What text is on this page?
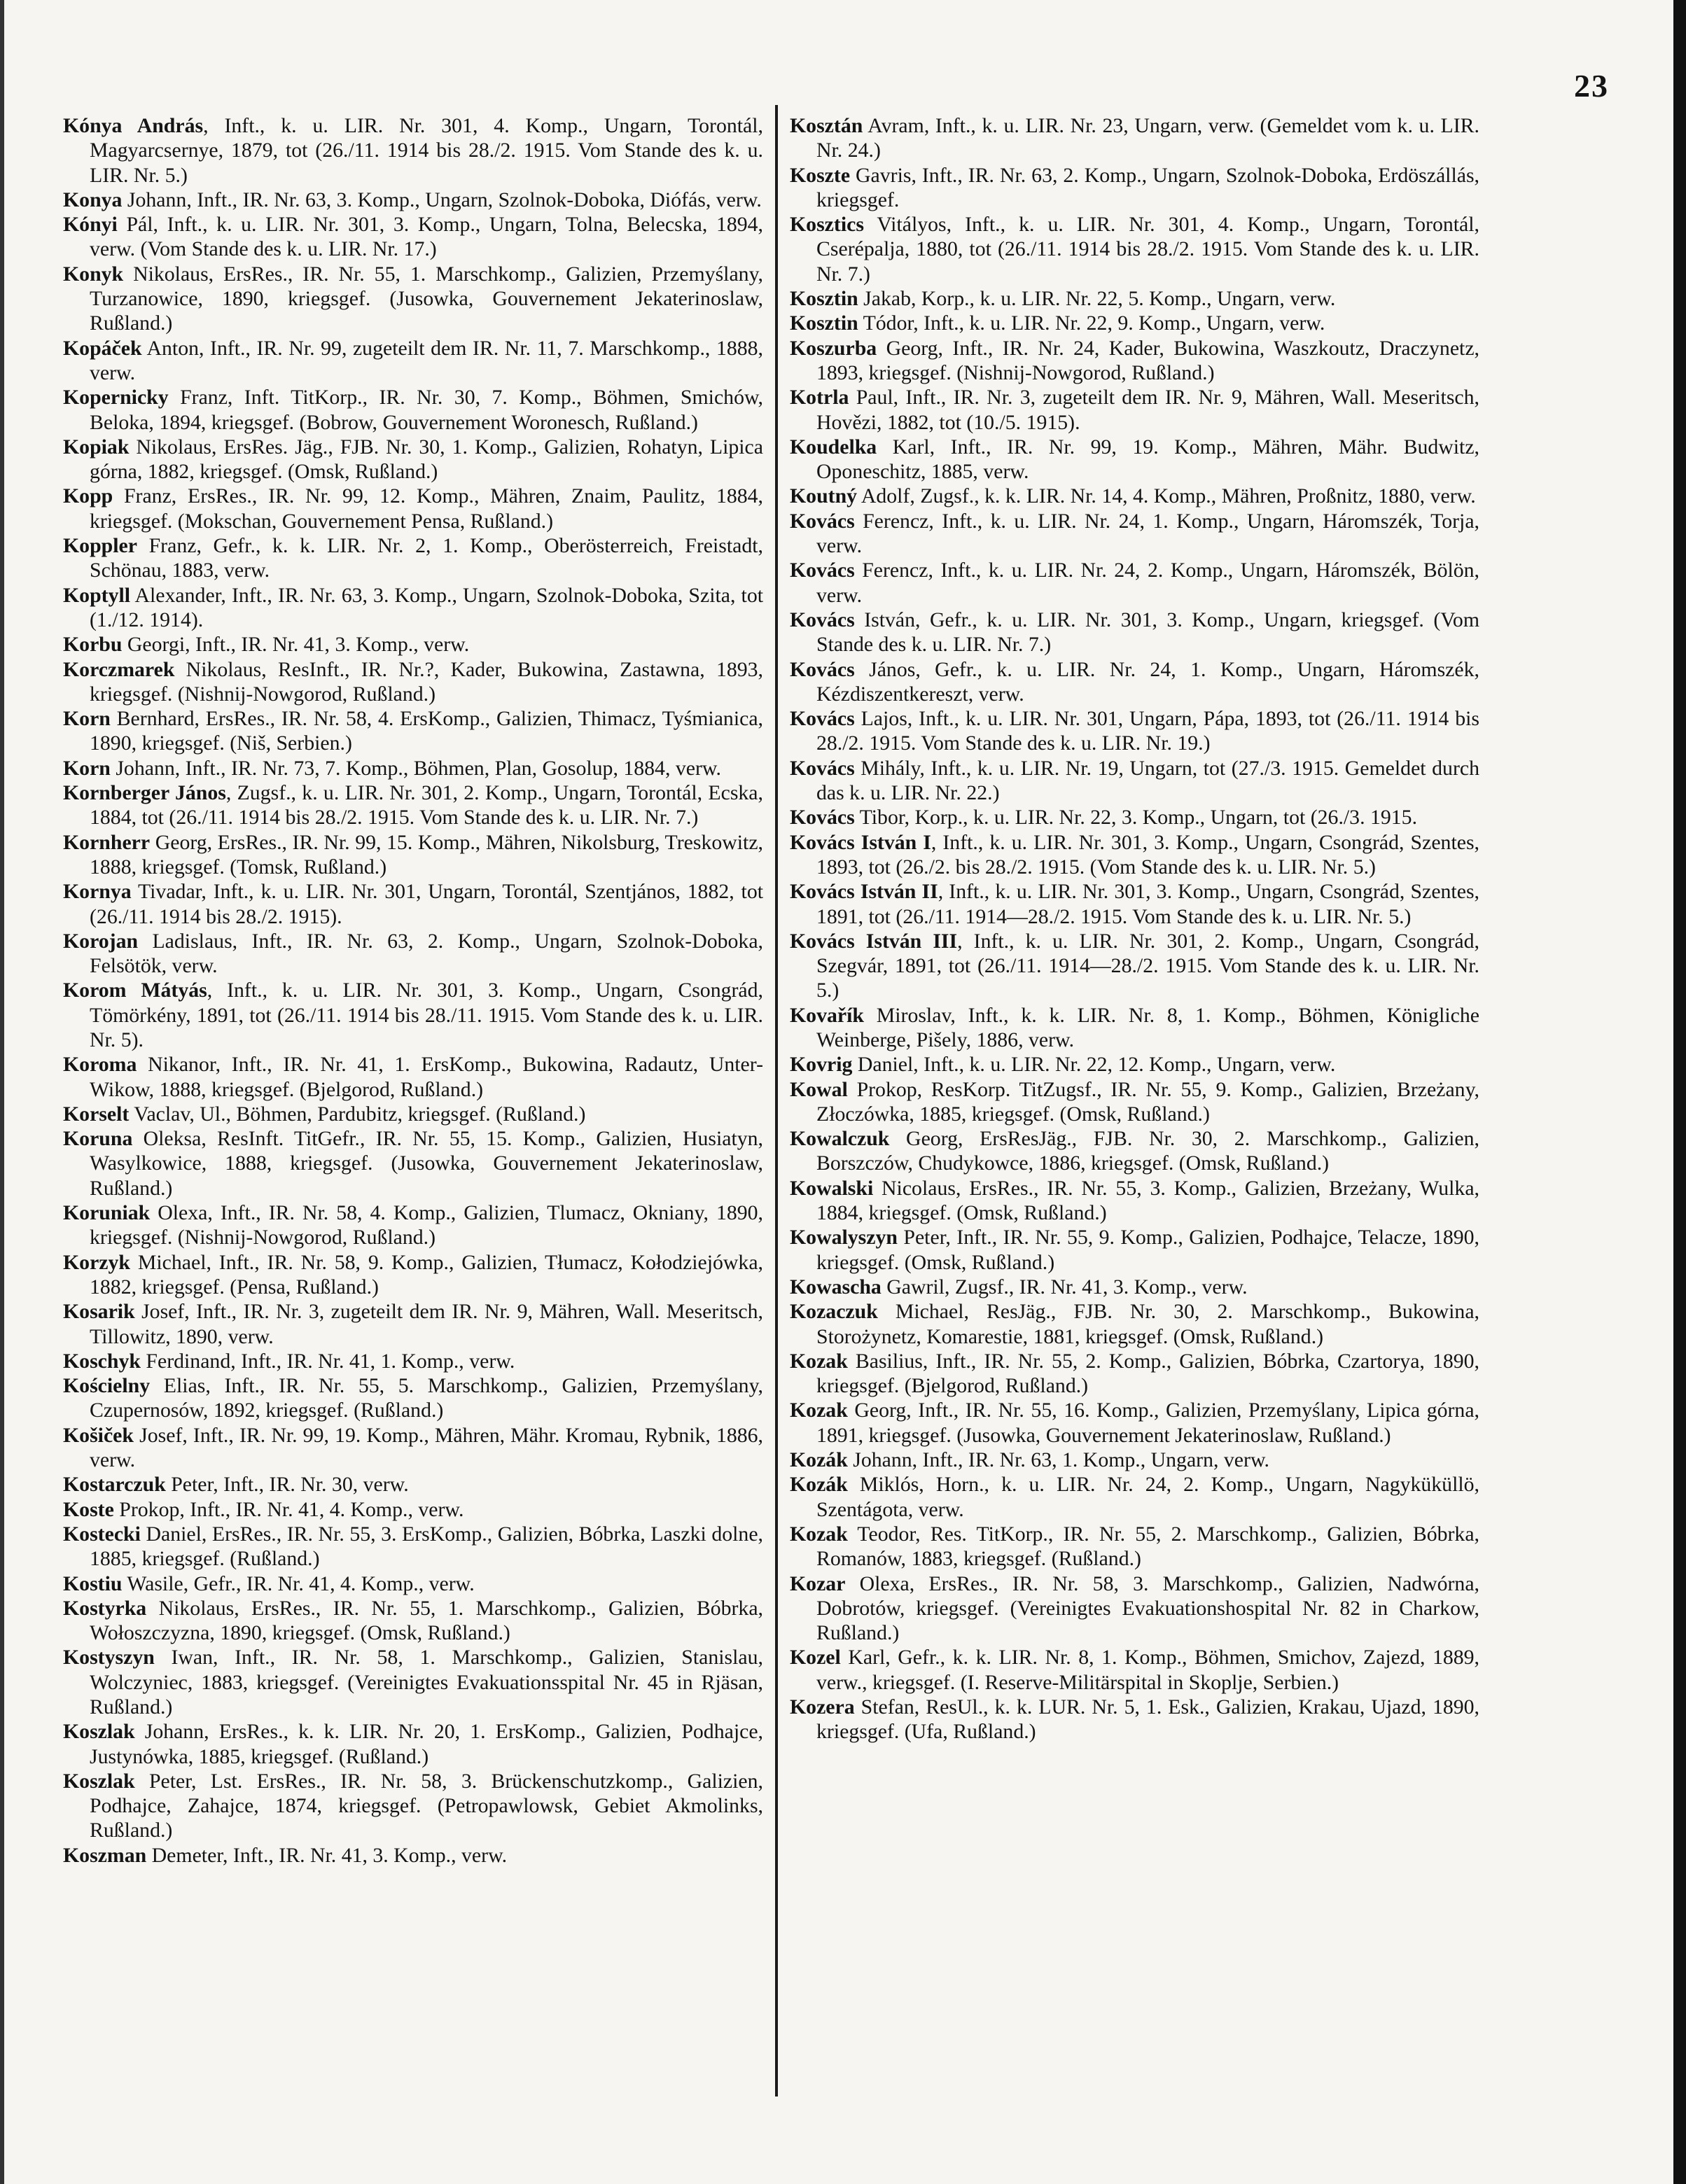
23

Kónya András, Inft., k. u. LIR. Nr. 301, 4. Komp., Ungarn, Torontál, Magyarcsernye, 1879, tot (26./11. 1914 bis 28./2. 1915. Vom Stande des k. u. LIR. Nr. 5.)

Konya Johann, Inft., IR. Nr. 63, 3. Komp., Ungarn, Szolnok-Doboka, Diófás, verw.

Kónyi Pál, Inft., k. u. LIR. Nr. 301, 3. Komp., Ungarn, Tolna, Belecska, 1894, verw. (Vom Stande des k. u. LIR. Nr. 17.)

Konyk Nikolaus, ErsRes., IR. Nr. 55, 1. Marschkomp., Galizien, Przemyślany, Turzanowice, 1890, kriegsgef. (Jusowka, Gouvernement Jekaterinoslaw, Rußland.)

Kopáček Anton, Inft., IR. Nr. 99, zugeteilt dem IR. Nr. 11, 7. Marschkomp., 1888, verw.

Kopernicky Franz, Inft. TitKorp., IR. Nr. 30, 7. Komp., Böhmen, Smichów, Beloka, 1894, kriegsgef. (Bobrow, Gouvernement Woronesch, Rußland.)

Kopiak Nikolaus, ErsRes. Jäg., FJB. Nr. 30, 1. Komp., Galizien, Rohatyn, Lipica górna, 1882, kriegsgef. (Omsk, Rußland.)

Kopp Franz, ErsRes., IR. Nr. 99, 12. Komp., Mähren, Znaim, Paulitz, 1884, kriegsgef. (Mokschan, Gouvernement Pensa, Rußland.)

Koppler Franz, Gefr., k. k. LIR. Nr. 2, 1. Komp., Oberösterreich, Freistadt, Schönau, 1883, verw.

Koptyll Alexander, Inft., IR. Nr. 63, 3. Komp., Ungarn, Szolnok-Doboka, Szita, tot (1./12. 1914).

Korbu Georgi, Inft., IR. Nr. 41, 3. Komp., verw.

Korczmarek Nikolaus, ResInft., IR. Nr.?, Kader, Bukowina, Zastawna, 1893, kriegsgef. (Nishnij-Nowgorod, Rußland.)

Korn Bernhard, ErsRes., IR. Nr. 58, 4. ErsKomp., Galizien, Thimacz, Tyśmianica, 1890, kriegsgef. (Niš, Serbien.)

Korn Johann, Inft., IR. Nr. 73, 7. Komp., Böhmen, Plan, Gosolup, 1884, verw.

Kornberger János, Zugsf., k. u. LIR. Nr. 301, 2. Komp., Ungarn, Torontál, Ecska, 1884, tot (26./11. 1914 bis 28./2. 1915. Vom Stande des k. u. LIR. Nr. 7.)

Kornherr Georg, ErsRes., IR. Nr. 99, 15. Komp., Mähren, Nikolsburg, Treskowitz, 1888, kriegsgef. (Tomsk, Rußland.)

Kornya Tivadar, Inft., k. u. LIR. Nr. 301, Ungarn, Torontál, Szentjános, 1882, tot (26./11. 1914 bis 28./2. 1915).

Korojan Ladislaus, Inft., IR. Nr. 63, 2. Komp., Ungarn, Szolnok-Doboka, Felsötök, verw.

Korom Mátyás, Inft., k. u. LIR. Nr. 301, 3. Komp., Ungarn, Csongrád, Tömörkény, 1891, tot (26./11. 1914 bis 28./11. 1915. Vom Stande des k. u. LIR. Nr. 5).

Koroma Nikanor, Inft., IR. Nr. 41, 1. ErsKomp., Bukowina, Radautz, Unter-Wikow, 1888, kriegsgef. (Bjelgorod, Rußland.)

Korselt Vaclav, Ul., Böhmen, Pardubitz, kriegsgef. (Rußland.)

Koruna Oleksa, ResInft. TitGefr., IR. Nr. 55, 15. Komp., Galizien, Husiatyn, Wasylkowice, 1888, kriegsgef. (Jusowka, Gouvernement Jekaterinoslaw, Rußland.)

Koruniak Olexa, Inft., IR. Nr. 58, 4. Komp., Galizien, Tlumacz, Okniany, 1890, kriegsgef. (Nishnij-Nowgorod, Rußland.)

Korzyk Michael, Inft., IR. Nr. 58, 9. Komp., Galizien, Tłumacz, Kołodziejówka, 1882, kriegsgef. (Pensa, Rußland.)

Kosarik Josef, Inft., IR. Nr. 3, zugeteilt dem IR. Nr. 9, Mähren, Wall. Meseritsch, Tillowitz, 1890, verw.

Koschyk Ferdinand, Inft., IR. Nr. 41, 1. Komp., verw.

Kościelny Elias, Inft., IR. Nr. 55, 5. Marschkomp., Galizien, Przemyślany, Czupernosów, 1892, kriegsgef. (Rußland.)

Košiček Josef, Inft., IR. Nr. 99, 19. Komp., Mähren, Mähr. Kromau, Rybnik, 1886, verw.

Kostarczuk Peter, Inft., IR. Nr. 30, verw.

Koste Prokop, Inft., IR. Nr. 41, 4. Komp., verw.

Kostecki Daniel, ErsRes., IR. Nr. 55, 3. ErsKomp., Galizien, Bóbrka, Laszki dolne, 1885, kriegsgef. (Rußland.)

Kostiu Wasile, Gefr., IR. Nr. 41, 4. Komp., verw.

Kostyrka Nikolaus, ErsRes., IR. Nr. 55, 1. Marschkomp., Galizien, Bóbrka, Wołoszczyzna, 1890, kriegsgef. (Omsk, Rußland.)

Kostyszyn Iwan, Inft., IR. Nr. 58, 1. Marschkomp., Galizien, Stanislau, Wolczyniec, 1883, kriegsgef. (Vereinigtes Evakuationsspital Nr. 45 in Rjäsan, Rußland.)

Koszlak Johann, ErsRes., k. k. LIR. Nr. 20, 1. ErsKomp., Galizien, Podhajce, Justynówka, 1885, kriegsgef. (Rußland.)

Koszlak Peter, Lst. ErsRes., IR. Nr. 58, 3. Brückenschutzkomp., Galizien, Podhajce, Zahajce, 1874, kriegsgef. (Petropawlowsk, Gebiet Akmolinks, Rußland.)

Koszman Demeter, Inft., IR. Nr. 41, 3. Komp., verw.

Kosztán Avram, Inft., k. u. LIR. Nr. 23, Ungarn, verw. (Gemeldet vom k. u. LIR. Nr. 24.)

Koszte Gavris, Inft., IR. Nr. 63, 2. Komp., Ungarn, Szolnok-Doboka, Erdöszállás, kriegsgef.

Kosztics Vitályos, Inft., k. u. LIR. Nr. 301, 4. Komp., Ungarn, Torontál, Cserépalja, 1880, tot (26./11. 1914 bis 28./2. 1915. Vom Stande des k. u. LIR. Nr. 7.)

Kosztin Jakab, Korp., k. u. LIR. Nr. 22, 5. Komp., Ungarn, verw.

Kosztin Tódor, Inft., k. u. LIR. Nr. 22, 9. Komp., Ungarn, verw.

Koszurba Georg, Inft., IR. Nr. 24, Kader, Bukowina, Waszkoutz, Draczynetz, 1893, kriegsgef. (Nishnij-Nowgorod, Rußland.)

Kotrla Paul, Inft., IR. Nr. 3, zugeteilt dem IR. Nr. 9, Mähren, Wall. Meseritsch, Hovězi, 1882, tot (10./5. 1915).

Koudelka Karl, Inft., IR. Nr. 99, 19. Komp., Mähren, Mähr. Budwitz, Oponeschitz, 1885, verw.

Koutný Adolf, Zugsf., k. k. LIR. Nr. 14, 4. Komp., Mähren, Proßnitz, 1880, verw.

Kovács Ferencz, Inft., k. u. LIR. Nr. 24, 1. Komp., Ungarn, Háromszék, Torja, verw.

Kovács Ferencz, Inft., k. u. LIR. Nr. 24, 2. Komp., Ungarn, Háromszék, Bölön, verw.

Kovács István, Gefr., k. u. LIR. Nr. 301, 3. Komp., Ungarn, kriegsgef. (Vom Stande des k. u. LIR. Nr. 7.)

Kovács János, Gefr., k. u. LIR. Nr. 24, 1. Komp., Ungarn, Háromszék, Kézdiszentkereszt, verw.

Kovács Lajos, Inft., k. u. LIR. Nr. 301, Ungarn, Pápa, 1893, tot (26./11. 1914 bis 28./2. 1915. Vom Stande des k. u. LIR. Nr. 19.)

Kovács Mihály, Inft., k. u. LIR. Nr. 19, Ungarn, tot (27./3. 1915. Gemeldet durch das k. u. LIR. Nr. 22.)

Kovács Tibor, Korp., k. u. LIR. Nr. 22, 3. Komp., Ungarn, tot (26./3. 1915.

Kovács István I, Inft., k. u. LIR. Nr. 301, 3. Komp., Ungarn, Csongrád, Szentes, 1893, tot (26./2. bis 28./2. 1915. (Vom Stande des k. u. LIR. Nr. 5.)

Kovács István II, Inft., k. u. LIR. Nr. 301, 3. Komp., Ungarn, Csongrád, Szentes, 1891, tot (26./11. 1914—28./2. 1915. Vom Stande des k. u. LIR. Nr. 5.)

Kovács István III, Inft., k. u. LIR. Nr. 301, 2. Komp., Ungarn, Csongrád, Szegvár, 1891, tot (26./11. 1914—28./2. 1915. Vom Stande des k. u. LIR. Nr. 5.)

Kovařík Miroslav, Inft., k. k. LIR. Nr. 8, 1. Komp., Böhmen, Königliche Weinberge, Pišely, 1886, verw.

Kovrig Daniel, Inft., k. u. LIR. Nr. 22, 12. Komp., Ungarn, verw.

Kowal Prokop, ResKorp. TitZugsf., IR. Nr. 55, 9. Komp., Galizien, Brzeżany, Złoczówka, 1885, kriegsgef. (Omsk, Rußland.)

Kowalczuk Georg, ErsResJäg., FJB. Nr. 30, 2. Marschkomp., Galizien, Borszczów, Chudykowce, 1886, kriegsgef. (Omsk, Rußland.)

Kowalski Nicolaus, ErsRes., IR. Nr. 55, 3. Komp., Galizien, Brzeżany, Wulka, 1884, kriegsgef. (Omsk, Rußland.)

Kowalyszyn Peter, Inft., IR. Nr. 55, 9. Komp., Galizien, Podhajce, Telacze, 1890, kriegsgef. (Omsk, Rußland.)

Kowascha Gawril, Zugsf., IR. Nr. 41, 3. Komp., verw.

Kozaczuk Michael, ResJäg., FJB. Nr. 30, 2. Marschkomp., Bukowina, Storożynetz, Komarestie, 1881, kriegsgef. (Omsk, Rußland.)

Kozak Basilius, Inft., IR. Nr. 55, 2. Komp., Galizien, Bóbrka, Czartorya, 1890, kriegsgef. (Bjelgorod, Rußland.)

Kozak Georg, Inft., IR. Nr. 55, 16. Komp., Galizien, Przemyślany, Lipica górna, 1891, kriegsgef. (Jusowka, Gouvernement Jekaterinoslaw, Rußland.)

Kozák Johann, Inft., IR. Nr. 63, 1. Komp., Ungarn, verw.

Kozák Miklós, Horn., k. u. LIR. Nr. 24, 2. Komp., Ungarn, Nagyküküllö, Szentágota, verw.

Kozak Teodor, Res. TitKorp., IR. Nr. 55, 2. Marschkomp., Galizien, Bóbrka, Romanów, 1883, kriegsgef. (Rußland.)

Kozar Olexa, ErsRes., IR. Nr. 58, 3. Marschkomp., Galizien, Nadwórna, Dobrotów, kriegsgef. (Vereinigtes Evakuationshospital Nr. 82 in Charkow, Rußland.)

Kozel Karl, Gefr., k. k. LIR. Nr. 8, 1. Komp., Böhmen, Smichov, Zajezd, 1889, verw., kriegsgef. (I. Reserve-Militärspital in Skoplje, Serbien.)

Kozera Stefan, ResUl., k. k. LUR. Nr. 5, 1. Esk., Galizien, Krakau, Ujazd, 1890, kriegsgef. (Ufa, Rußland.)
